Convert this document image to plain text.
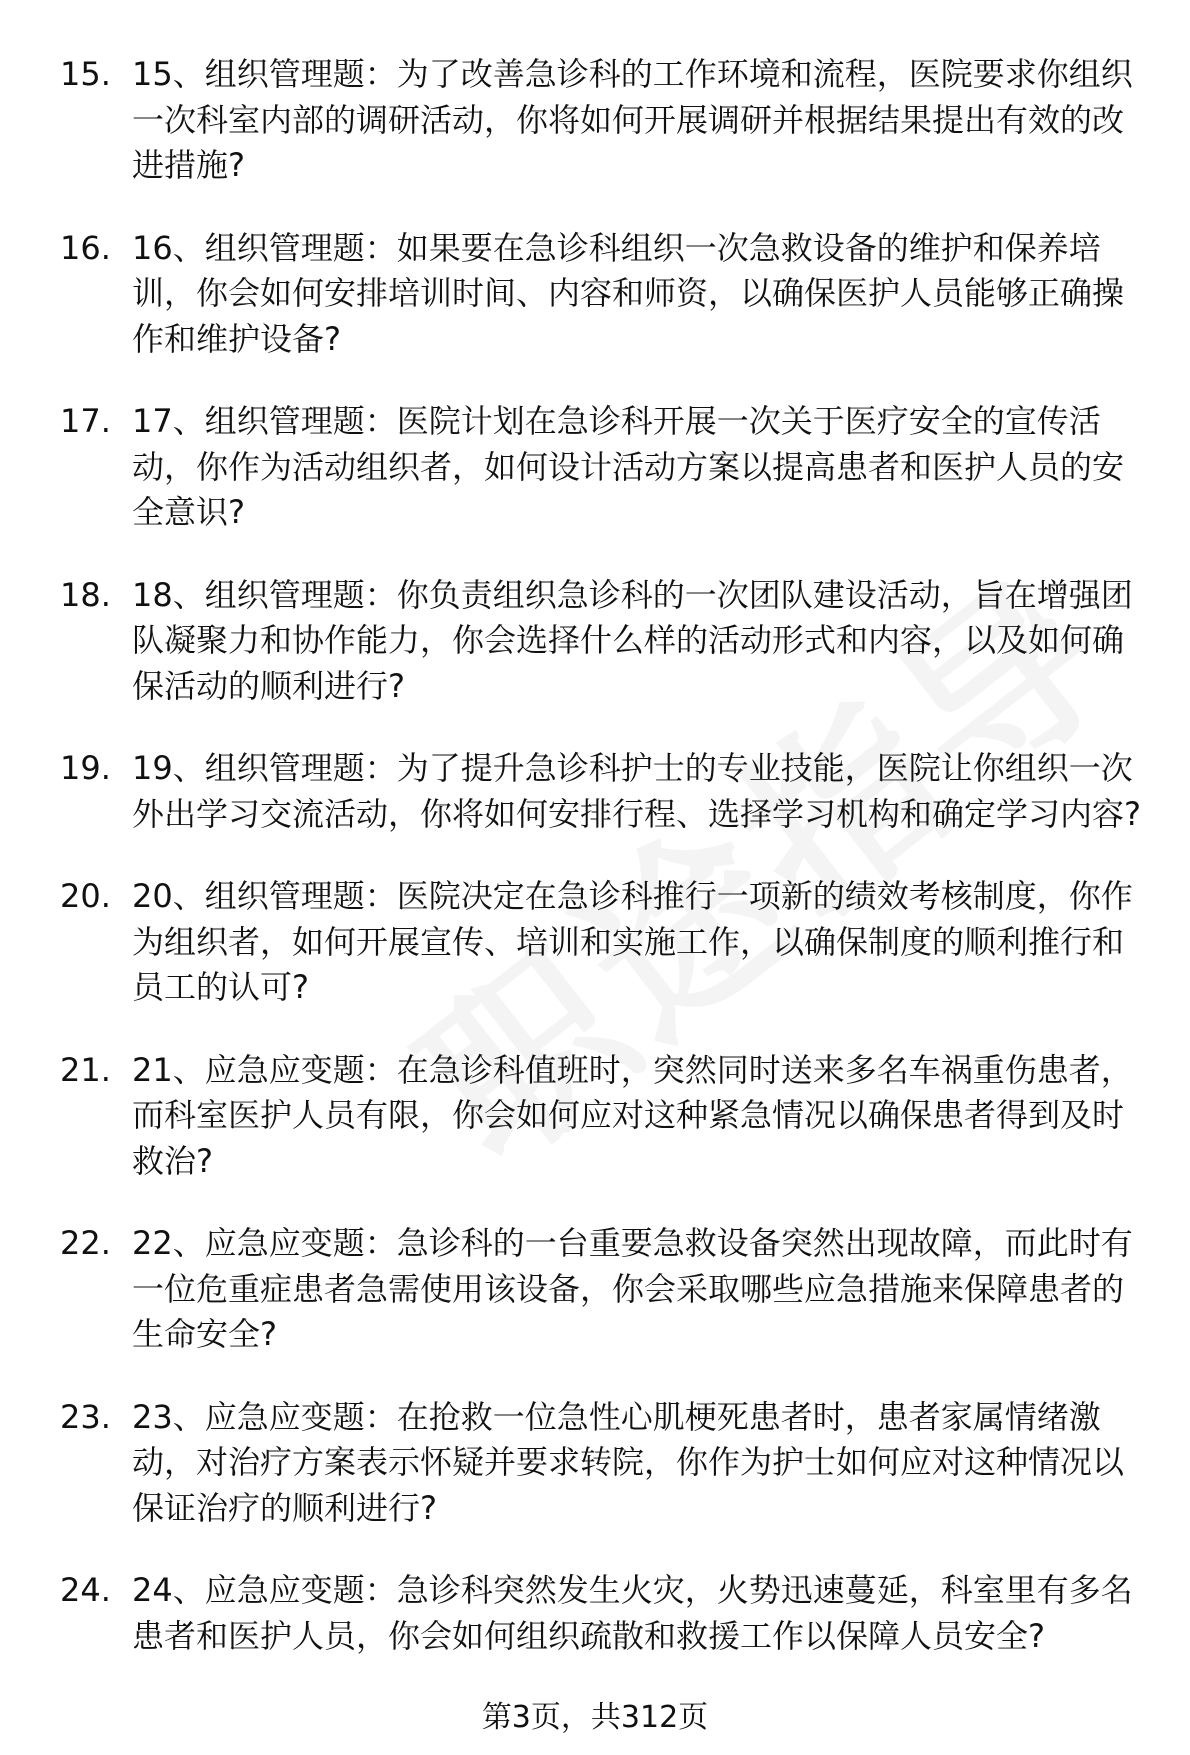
15. 15、组织管理题：为了改善急诊科的工作环境和流程，医院要求你组织一次科室内部的调研活动，你将如何开展调研并根据结果提出有效的改进措施?
16. 16、组织管理题：如果要在急诊科组织一次急救设备的维护和保养培训，你会如何安排培训时间、内容和师资，以确保医护人员能够正确操作和维护设备?
17. 17、组织管理题：医院计划在急诊科开展一次关于医疗安全的宣传活动，你作为活动组织者，如何设计活动方案以提高患者和医护人员的安全意识?
18. 18、组织管理题：你负责组织急诊科的一次团队建设活动，旨在增强团队凝聚力和协作能力，你会选择什么样的活动形式和内容，以及如何确保活动的顺利进行?
19. 19、组织管理题：为了提升急诊科护士的专业技能，医院让你组织一次外出学习交流活动，你将如何安排行程、选择学习机构和确定学习内容?
20. 20、组织管理题：医院决定在急诊科推行一项新的绩效考核制度，你作为组织者，如何开展宣传、培训和实施工作，以确保制度的顺利推行和员工的认可?
21. 21、应急应变题：在急诊科值班时，突然同时送来多名车祸重伤患者，而科室医护人员有限，你会如何应对这种紧急情况以确保患者得到及时救治?
22. 22、应急应变题：急诊科的一台重要急救设备突然出现故障，而此时有一位危重症患者急需使用该设备，你会采取哪些应急措施来保障患者的生命安全?
23. 23、应急应变题：在抢救一位急性心肌梗死患者时，患者家属情绪激动，对治疗方案表示怀疑并要求转院，你作为护士如何应对这种情况以保证治疗的顺利进行?
24. 24、应急应变题：急诊科突然发生火灾，火势迅速蔓延，科室里有多名患者和医护人员，你会如何组织疏散和救援工作以保障人员安全?
第3页，共312页
